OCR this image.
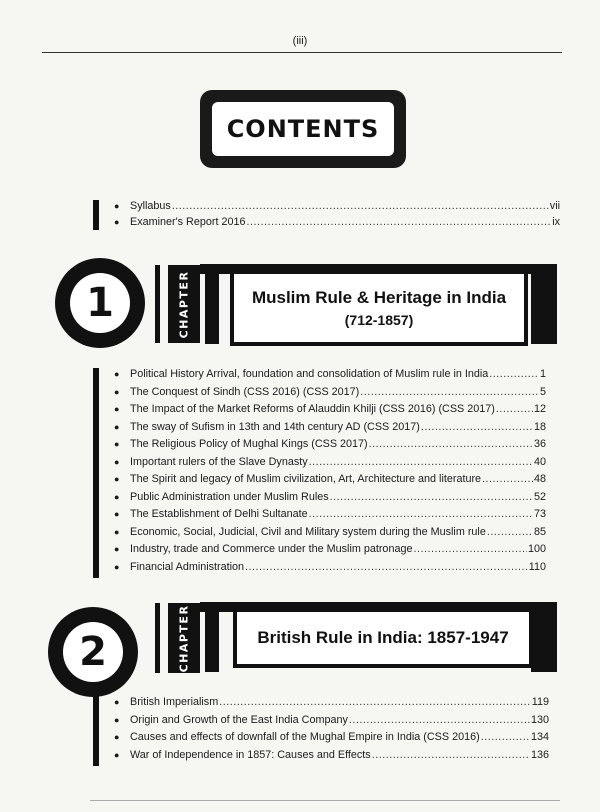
(iii)
CONTENTS
● Syllabus .....	vii
● Examiner's Report 2016 .....	ix
1	CHAPTER	Muslim Rule & Heritage in India
(712-1857)
● Political History Arrival, foundation and consolidation of Muslim rule in India .....	1
● The Conquest of Sindh (CSS 2016) (CSS 2017) .....	5
● The Impact of the Market Reforms of Alauddin Khilji (CSS 2016) (CSS 2017) .....	12
● The sway of Sufism in 13th and 14th century AD (CSS 2017) .....	18
● The Religious Policy of Mughal Kings (CSS 2017) .....	36
● Important rulers of the Slave Dynasty .....	40
● The Spirit and legacy of Muslim civilization, Art, Architecture and literature .....	48
● Public Administration under Muslim Rules .....	52
● The Establishment of Delhi Sultanate .....	73
● Economic, Social, Judicial, Civil and Military system during the Muslim rule .....	85
● Industry, trade and Commerce under the Muslim patronage .....	100
● Financial Administration .....	110
2	CHAPTER	British Rule in India: 1857-1947
● British Imperialism .....	119
● Origin and Growth of the East India Company .....	130
● Causes and effects of downfall of the Mughal Empire in India (CSS 2016) .....	134
● War of Independence in 1857: Causes and Effects .....	136
